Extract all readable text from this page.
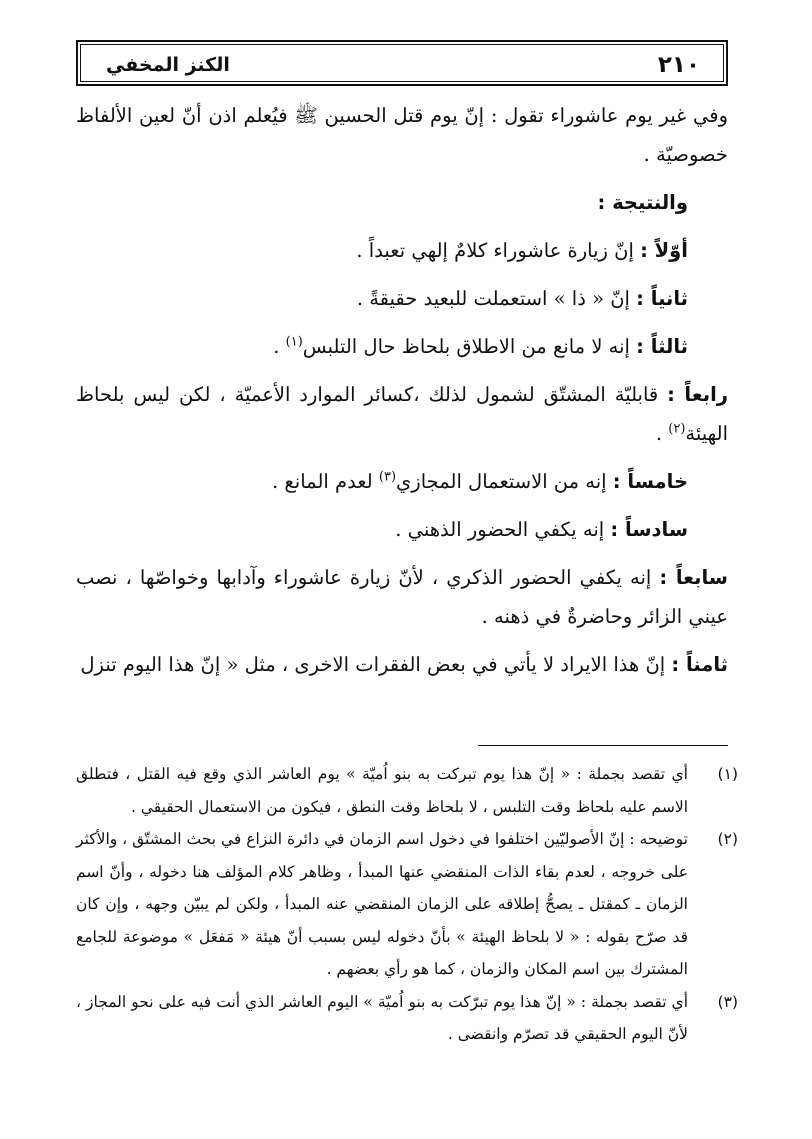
٢١٠
الكنز المخفي

وفي غير يوم عاشوراء تقول : إنّ يوم قتل الحسين ﷺ فيُعلم اذن أنّ لعين الألفاظ خصوصيّة .

والنتيجة :

أوّلاً : إنّ زيارة عاشوراء كلامٌ إلهي تعبداً .

ثانياً : إنّ « ذا » استعملت للبعيد حقيقةً .

ثالثاً : إنه لا مانع من الاطلاق بلحاظ حال التلبس$^{(١)}$ .

رابعاً : قابليّة المشتّق لشمول لذلك ،كسائر الموارد الأعميّة ، لكن ليس بلحاظ الهيئة$^{(٢)}$ .

خامساً : إنه من الاستعمال المجازي$^{(٣)}$ لعدم المانع .

سادساً : إنه يكفي الحضور الذهني .

سابعاً : إنه يكفي الحضور الذكري ، لأنّ زيارة عاشوراء وآدابها وخواصّها ، نصب عيني الزائر وحاضرةٌ في ذهنه .

ثامناً : إنّ هذا الايراد لا يأتي في بعض الفقرات الاخرى ، مثل « إنّ هذا اليوم تنزل

(١)

أي تقصد بجملة : « إنّ هذا يوم تبركت به بنو اُميّة » يوم العاشر الذي وقع فيه القتل ، فتطلق الاسم عليه بلحاظ وقت التلبس ، لا بلحاظ وقت النطق ، فيكون من الاستعمال الحقيقي .

(٢)

توضيحه : إنّ الأصوليّين اختلفوا في دخول اسم الزمان في دائرة النزاع في بحث المشتّق ، والأكثر على خروجه ، لعدم بقاء الذات المنقضي عنها المبدأ ، وظاهر كلام المؤلف هنا دخوله ، وأنّ اسم الزمان ـ كمقتل ـ يصحُّ إطلاقه على الزمان المنقضي عنه المبدأ ، ولكن لم يبيّن وجهه ، وإن كان قد صرّح بقوله : « لا بلحاظ الهيئة » بأنّ دخوله ليس بسبب أنّ هيئة « مَفعَل » موضوعة للجامع المشترك بين اسم المكان والزمان ، كما هو رأي بعضهم .

(٣)

أي تقصد بجملة : « إنّ هذا يوم تبرّكت به بنو اُميّة » اليوم العاشر الذي أنت فيه على نحو المجاز ، لأنّ اليوم الحقيقي قد تصرّم وانقضى .
